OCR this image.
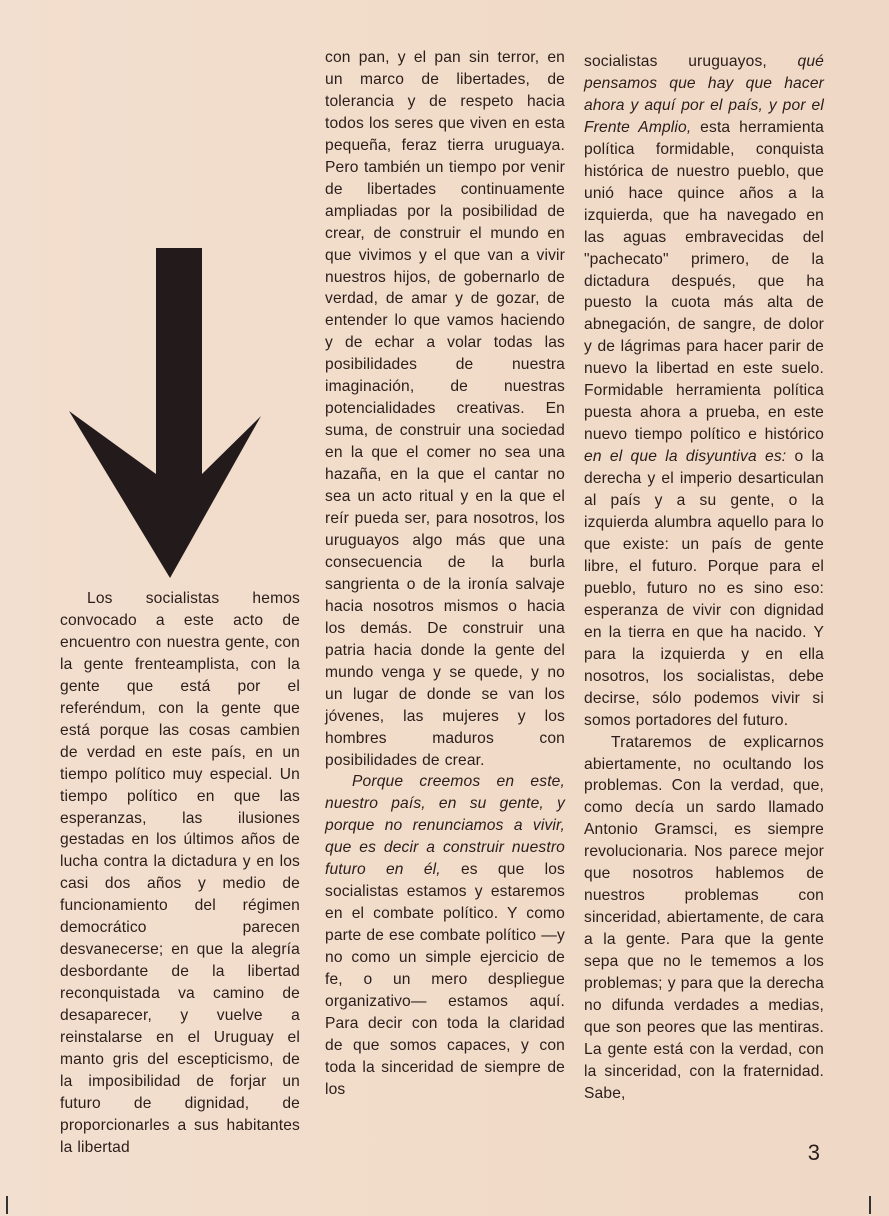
Los socialistas hemos convocado a este acto de encuentro con nuestra gente, con la gente frenteamplista, con la gente que está por el referéndum, con la gente que está porque las cosas cambien de verdad en este país, en un tiempo político muy especial. Un tiempo político en que las esperanzas, las ilusiones gestadas en los últimos años de lucha contra la dictadura y en los casi dos años y medio de funcionamiento del régimen democrático parecen desvanecerse; en que la alegría desbordante de la libertad reconquistada va camino de desaparecer, y vuelve a reinstalarse en el Uruguay el manto gris del escepticismo, de la imposibilidad de forjar un futuro de dignidad, de proporcionarles a sus habitantes la libertad

con pan, y el pan sin terror, en un marco de libertades, de tolerancia y de respeto hacia todos los seres que viven en esta pequeña, feraz tierra uruguaya. Pero también un tiempo por venir de libertades continuamente ampliadas por la posibilidad de crear, de construir el mundo en que vivimos y el que van a vivir nuestros hijos, de gobernarlo de verdad, de amar y de gozar, de entender lo que vamos haciendo y de echar a volar todas las posibilidades de nuestra imaginación, de nuestras potencialidades creativas. En suma, de construir una sociedad en la que el comer no sea una hazaña, en la que el cantar no sea un acto ritual y en la que el reír pueda ser, para nosotros, los uruguayos algo más que una consecuencia de la burla sangrienta o de la ironía salvaje hacia nosotros mismos o hacia los demás. De construir una patria hacia donde la gente del mundo venga y se quede, y no un lugar de donde se van los jóvenes, las mujeres y los hombres maduros con posibilidades de crear.

Porque creemos en este, nuestro país, en su gente, y porque no renunciamos a vivir, que es decir a construir nuestro futuro en él, es que los socialistas estamos y estaremos en el combate político. Y como parte de ese combate político —y no como un simple ejercicio de fe, o un mero despliegue organizativo— estamos aquí. Para decir con toda la claridad de que somos capaces, y con toda la sinceridad de siempre de los

socialistas uruguayos, qué pensamos que hay que hacer ahora y aquí por el país, y por el Frente Amplio, esta herramienta política formidable, conquista histórica de nuestro pueblo, que unió hace quince años a la izquierda, que ha navegado en las aguas embravecidas del "pachecato" primero, de la dictadura después, que ha puesto la cuota más alta de abnegación, de sangre, de dolor y de lágrimas para hacer parir de nuevo la libertad en este suelo. Formidable herramienta política puesta ahora a prueba, en este nuevo tiempo político e histórico en el que la disyuntiva es: o la derecha y el imperio desarticulan al país y a su gente, o la izquierda alumbra aquello para lo que existe: un país de gente libre, el futuro. Porque para el pueblo, futuro no es sino eso: esperanza de vivir con dignidad en la tierra en que ha nacido. Y para la izquierda y en ella nosotros, los socialistas, debe decirse, sólo podemos vivir si somos portadores del futuro.

Trataremos de explicarnos abiertamente, no ocultando los problemas. Con la verdad, que, como decía un sardo llamado Antonio Gramsci, es siempre revolucionaria. Nos parece mejor que nosotros hablemos de nuestros problemas con sinceridad, abiertamente, de cara a la gente. Para que la gente sepa que no le tememos a los problemas; y para que la derecha no difunda verdades a medias, que son peores que las mentiras. La gente está con la verdad, con la sinceridad, con la fraternidad. Sabe,

3
